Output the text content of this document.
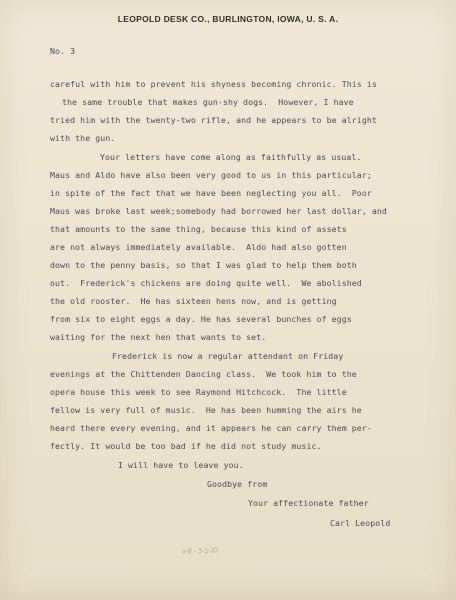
LEOPOLD DESK CO., BURLINGTON, IOWA, U. S. A.

No. 3

careful with him to prevent his shyness becoming chronic. This is

the same trouble that makes gun-shy dogs.  However, I have

tried him with the twenty-two rifle, and he appears to be alright

with the gun.

Your letters have come along as faithfully as usual.

Maus and Aldo have also been very good to us in this particular;

in spite of the fact that we have been neglecting you all.  Poor

Maus was broke last week;somebody had borrowed her last dollar, and

that amounts to the same thing, because this kind of assets

are not always immediately available.  Aldo had also gotten

down to the penny basis, so that I was glad to help them both

out.  Frederick's chickens are doing quite well.  We abolished

the old rooster.  He has sixteen hens now, and is getting

from six to eight eggs a day. He has several bunches of eggs

waiting for the next hen that wants to set.

Frederick is now a regular attendant on Friday

evenings at the Chittenden Dancing class.  We took him to the

opera house this week to see Raymond Hitchcock.  The little

fellow is very full of music.  He has been humming the airs he

heard there every evening, and it appears he can carry them per-

fectly. It would be too bad if he did not study music.

I will have to leave you.

Goodbye from

Your affectionate father

Carl Leopold

x-8 - 3-1-33
